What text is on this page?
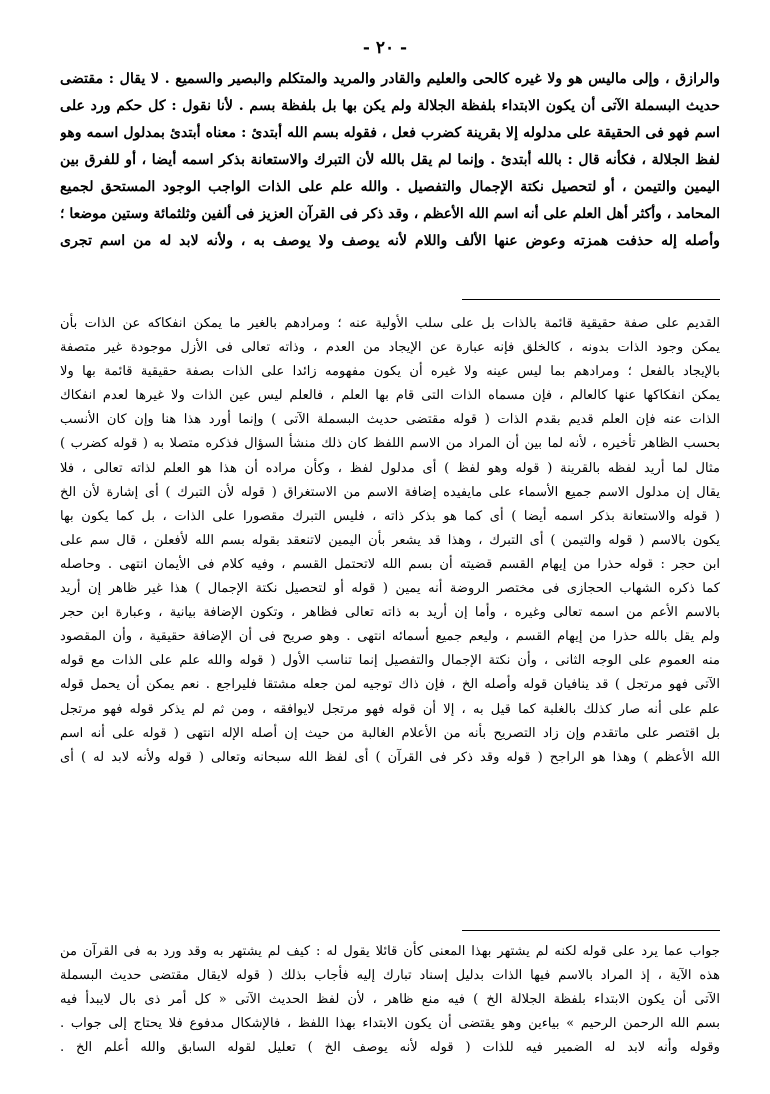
- ٢٠ -
والرازق ، وإلى ماليس هو ولا غيره كالحى والعليم والقادر والمريد والمتكلم والبصير والسميع . لا يقال : مقتضى
حديث البسملة الآتى أن يكون الابتداء بلفظة الجلالة ولم يكن بها بل بلفظة بسم . لأنا نقول : كل حكم ورد على
اسم فهو فى الحقيقة على مدلوله إلا بقرينة كضرب فعل ، فقوله بسم الله أبتدئ : معناه أبتدئ بمدلول اسمه وهو
لفظ الجلالة ، فكأنه قال : بالله أبتدئ . وإنما لم يقل بالله لأن التبرك والاستعانة بذكر اسمه أيضا ، أو للفرق بين
اليمين والتيمن ، أو لتحصيل نكتة الإجمال والتفصيل . والله علم على الذات الواجب الوجود المستحق لجميع
المحامد ، وأكثر أهل العلم على أنه اسم الله الأعظم ، وقد ذكر فى القرآن العزيز فى ألفين وثلثمائة وستين موضعا ؛
وأصله إله حذفت همزته وعوض عنها الألف واللام لأنه يوصف ولا يوصف به ، ولأنه لابد له من اسم تجرى
القديم على صفة حقيقية قائمة بالذات بل على سلب الأولية عنه ؛ ومرادهم بالغير ما يمكن انفكاكه عن الذات بأن
يمكن وجود الذات بدونه ، كالخلق فإنه عبارة عن الإيجاد من العدم ، وذاته تعالى فى الأزل موجودة غير متصفة
بالإيجاد بالفعل ؛ ومرادهم بما ليس عينه ولا غيره أن يكون مفهومه زائدا على الذات بصفة حقيقية قائمة بها ولا
يمكن انفكاكها عنها كالعالم ، فإن مسماه الذات التى قام بها العلم ، فالعلم ليس عين الذات ولا غيرها لعدم انفكاك
الذات عنه فإن العلم قديم بقدم الذات ( قوله مقتضى حديث البسملة الآتى ) وإنما أورد هذا هنا وإن كان الأنسب
بحسب الظاهر تأخيره ، لأنه لما بين أن المراد من الاسم اللفظ كان ذلك منشأ السؤال فذكره متصلا به ( قوله كضرب )
مثال لما أريد لفظه بالقرينة ( قوله وهو لفظ ) أى مدلول لفظ ، وكأن مراده أن هذا هو العلم لذاته تعالى ، فلا
يقال إن مدلول الاسم جميع الأسماء على مايفيده إضافة الاسم من الاستغراق ( قوله لأن التبرك ) أى إشارة لأن الخ
( قوله والاستعانة بذكر اسمه أيضا ) أى كما هو بذكر ذاته ، فليس التبرك مقصورا على الذات ، بل كما يكون بها
يكون بالاسم ( قوله والتيمن ) أى التبرك ، وهذا قد يشعر بأن اليمين لاتنعقد بقوله بسم الله لأفعلن ، قال سم على
ابن حجر : قوله حذرا من إيهام القسم قضيته أن بسم الله لاتحتمل القسم ، وفيه كلام فى الأيمان انتهى . وحاصله
كما ذكره الشهاب الحجازى فى مختصر الروضة أنه يمين ( قوله أو لتحصيل نكتة الإجمال ) هذا غير ظاهر إن أريد
بالاسم الأعم من اسمه تعالى وغيره ، وأما إن أريد به ذاته تعالى فظاهر ، وتكون الإضافة بيانية ، وعبارة ابن حجر
ولم يقل بالله حذرا من إيهام القسم ، وليعم جميع أسمائه انتهى . وهو صريح فى أن الإضافة حقيقية ، وأن المقصود
منه العموم على الوجه الثانى ، وأن نكتة الإجمال والتفصيل إنما تناسب الأول ( قوله والله علم على الذات مع قوله
الآتى فهو مرتجل ) قد ينافيان قوله وأصله الخ ، فإن ذاك توجيه لمن جعله مشتقا فليراجع . نعم يمكن أن يحمل قوله
علم على أنه صار كذلك بالغلبة كما قيل به ، إلا أن قوله فهو مرتجل لايوافقه ، ومن ثم لم يذكر قوله فهو مرتجل
بل اقتصر على ماتقدم وإن زاد التصريح بأنه من الأعلام الغالبة من حيث إن أصله الإله انتهى ( قوله على أنه اسم
الله الأعظم ) وهذا هو الراجح ( قوله وقد ذكر فى القرآن ) أى لفظ الله سبحانه وتعالى ( قوله ولأنه لابد له ) أى
جواب عما يرد على قوله لكنه لم يشتهر بهذا المعنى كأن قائلا يقول له : كيف لم يشتهر به وقد ورد به فى القرآن من
هذه الآية ، إذ المراد بالاسم فيها الذات بدليل إسناد تبارك إليه فأجاب بذلك ( قوله لايقال مقتضى حديث البسملة
الآتى أن يكون الابتداء بلفظة الجلالة الخ ) فيه منع ظاهر ، لأن لفظ الحديث الآتى « كل أمر ذى بال لايبدأ فيه
بسم الله الرحمن الرحيم » بياءين وهو يقتضى أن يكون الابتداء بهذا اللفظ ، فالإشكال مدفوع فلا يحتاج إلى جواب .
وقوله وأنه لابد له الضمير فيه للذات ( قوله لأنه يوصف الخ ) تعليل لقوله السابق والله أعلم الخ .
